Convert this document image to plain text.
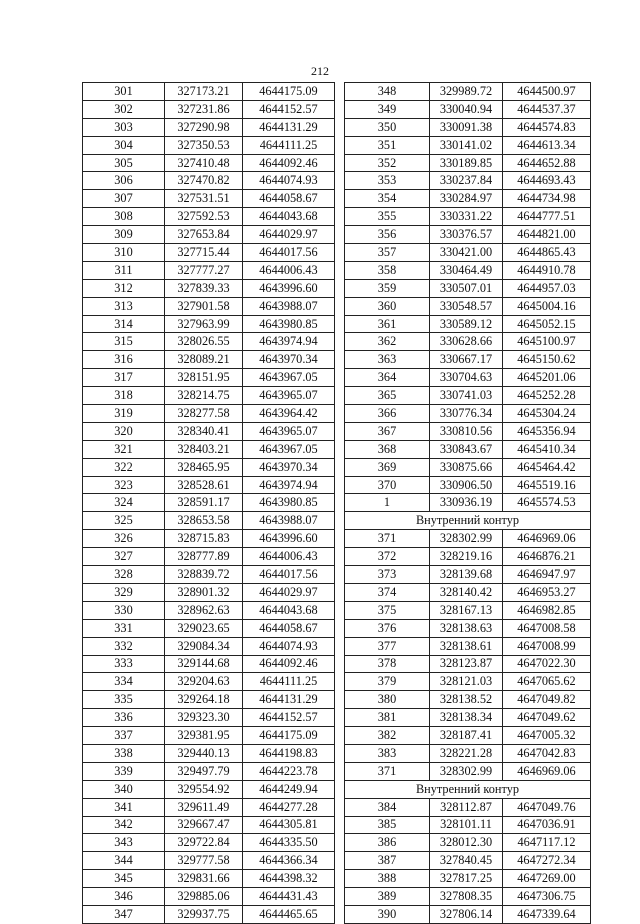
212
301	327173.21	4644175.09
302	327231.86	4644152.57
303	327290.98	4644131.29
304	327350.53	4644111.25
305	327410.48	4644092.46
306	327470.82	4644074.93
307	327531.51	4644058.67
308	327592.53	4644043.68
309	327653.84	4644029.97
310	327715.44	4644017.56
311	327777.27	4644006.43
312	327839.33	4643996.60
313	327901.58	4643988.07
314	327963.99	4643980.85
315	328026.55	4643974.94
316	328089.21	4643970.34
317	328151.95	4643967.05
318	328214.75	4643965.07
319	328277.58	4643964.42
320	328340.41	4643965.07
321	328403.21	4643967.05
322	328465.95	4643970.34
323	328528.61	4643974.94
324	328591.17	4643980.85
325	328653.58	4643988.07
326	328715.83	4643996.60
327	328777.89	4644006.43
328	328839.72	4644017.56
329	328901.32	4644029.97
330	328962.63	4644043.68
331	329023.65	4644058.67
332	329084.34	4644074.93
333	329144.68	4644092.46
334	329204.63	4644111.25
335	329264.18	4644131.29
336	329323.30	4644152.57
337	329381.95	4644175.09
338	329440.13	4644198.83
339	329497.79	4644223.78
340	329554.92	4644249.94
341	329611.49	4644277.28
342	329667.47	4644305.81
343	329722.84	4644335.50
344	329777.58	4644366.34
345	329831.66	4644398.32
346	329885.06	4644431.43
347	329937.75	4644465.65
348	329989.72	4644500.97
349	330040.94	4644537.37
350	330091.38	4644574.83
351	330141.02	4644613.34
352	330189.85	4644652.88
353	330237.84	4644693.43
354	330284.97	4644734.98
355	330331.22	4644777.51
356	330376.57	4644821.00
357	330421.00	4644865.43
358	330464.49	4644910.78
359	330507.01	4644957.03
360	330548.57	4645004.16
361	330589.12	4645052.15
362	330628.66	4645100.97
363	330667.17	4645150.62
364	330704.63	4645201.06
365	330741.03	4645252.28
366	330776.34	4645304.24
367	330810.56	4645356.94
368	330843.67	4645410.34
369	330875.66	4645464.42
370	330906.50	4645519.16
1	330936.19	4645574.53
Внутренний контур		
371	328302.99	4646969.06
372	328219.16	4646876.21
373	328139.68	4646947.97
374	328140.42	4646953.27
375	328167.13	4646982.85
376	328138.63	4647008.58
377	328138.61	4647008.99
378	328123.87	4647022.30
379	328121.03	4647065.62
380	328138.52	4647049.82
381	328138.34	4647049.62
382	328187.41	4647005.32
383	328221.28	4647042.83
371	328302.99	4646969.06
Внутренний контур		
384	328112.87	4647049.76
385	328101.11	4647036.91
386	328012.30	4647117.12
387	327840.45	4647272.34
388	327817.25	4647269.00
389	327808.35	4647306.75
390	327806.14	4647339.64
